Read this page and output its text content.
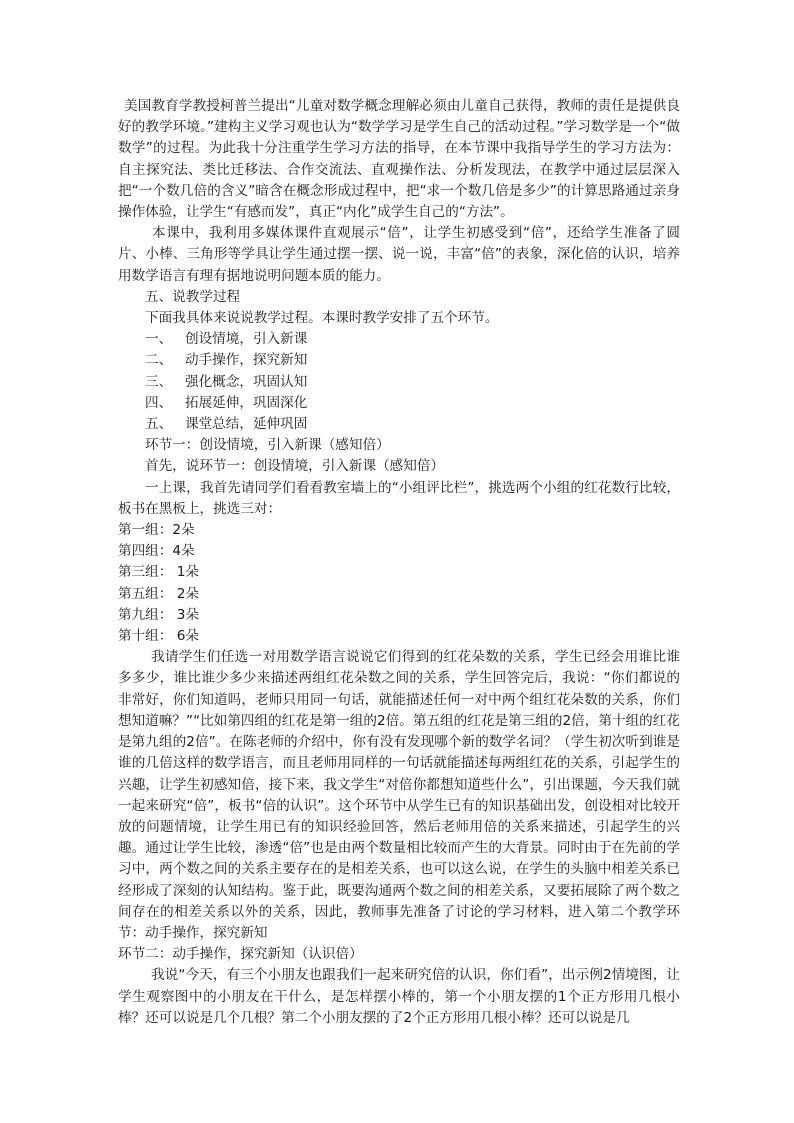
美国教育学教授柯普兰提出“儿童对数学概念理解必须由儿童自己获得，教师的责任是提供良好的教学环境。”建构主义学习观也认为“数学学习是学生自己的活动过程。”学习数学是一个“做数学”的过程。为此我十分注重学生学习方法的指导，在本节课中我指导学生的学习方法为：自主探究法、类比迁移法、合作交流法、直观操作法、分析发现法，在教学中通过层层深入把“一个数几倍的含义”暗含在概念形成过程中，把“求一个数几倍是多少”的计算思路通过亲身操作体验，让学生“有感而发”，真正“内化”成学生自己的“方法”。

本课中，我利用多媒体课件直观展示“倍”，让学生初感受到“倍”，还给学生准备了圆片、小棒、三角形等学具让学生通过摆一摆、说一说，丰富“倍”的表象，深化倍的认识，培养用数学语言有理有据地说明问题本质的能力。

五、说教学过程

下面我具体来说说教学过程。本课时教学安排了五个环节。

一、 创设情境，引入新课

二、 动手操作，探究新知

三、 强化概念，巩固认知

四、 拓展延伸，巩固深化

五、 课堂总结，延伸巩固

环节一：创设情境，引入新课（感知倍）

首先，说环节一：创设情境，引入新课（感知倍）

一上课，我首先请同学们看看教室墙上的“小组评比栏”，挑选两个小组的红花数行比较，板书在黑板上，挑选三对：

第一组：2朵

第四组：4朵

第三组： 1朵

第五组： 2朵

第九组： 3朵

第十组： 6朵

我请学生们任选一对用数学语言说说它们得到的红花朵数的关系，学生已经会用谁比谁多多少，谁比谁少多少来描述两组红花朵数之间的关系，学生回答完后，我说：“你们都说的非常好，你们知道吗，老师只用同一句话，就能描述任何一对中两个组红花朵数的关系，你们想知道嘛？”“比如第四组的红花是第一组的2倍。第五组的红花是第三组的2倍，第十组的红花是第九组的2倍”。在陈老师的介绍中，你有没有发现哪个新的数学名词？（学生初次听到谁是谁的几倍这样的数学语言，而且老师用同样的一句话就能描述每两组红花的关系，引起学生的兴趣，让学生初感知倍，接下来，我文学生“对倍你都想知道些什么”，引出课题，今天我们就一起来研究“倍”，板书“倍的认识”。这个环节中从学生已有的知识基础出发，创设相对比较开放的问题情境，让学生用已有的知识经验回答，然后老师用倍的关系来描述，引起学生的兴趣。通过让学生比较，渗透“倍”也是由两个数量相比较而产生的大背景。同时由于在先前的学习中，两个数之间的关系主要存在的是相差关系，也可以这么说，在学生的头脑中相差关系已经形成了深刻的认知结构。鉴于此，既要沟通两个数之间的相差关系，又要拓展除了两个数之间存在的相差关系以外的关系，因此，教师事先准备了讨论的学习材料，进入第二个教学环节：动手操作，探究新知

环节二：动手操作，探究新知（认识倍）

我说“今天，有三个小朋友也跟我们一起来研究倍的认识，你们看”，出示例2情境图，让学生观察图中的小朋友在干什么，是怎样摆小棒的，第一个小朋友摆的1个正方形用几根小棒？还可以说是几个几根？第二个小朋友摆的了2个正方形用几根小棒？还可以说是几
